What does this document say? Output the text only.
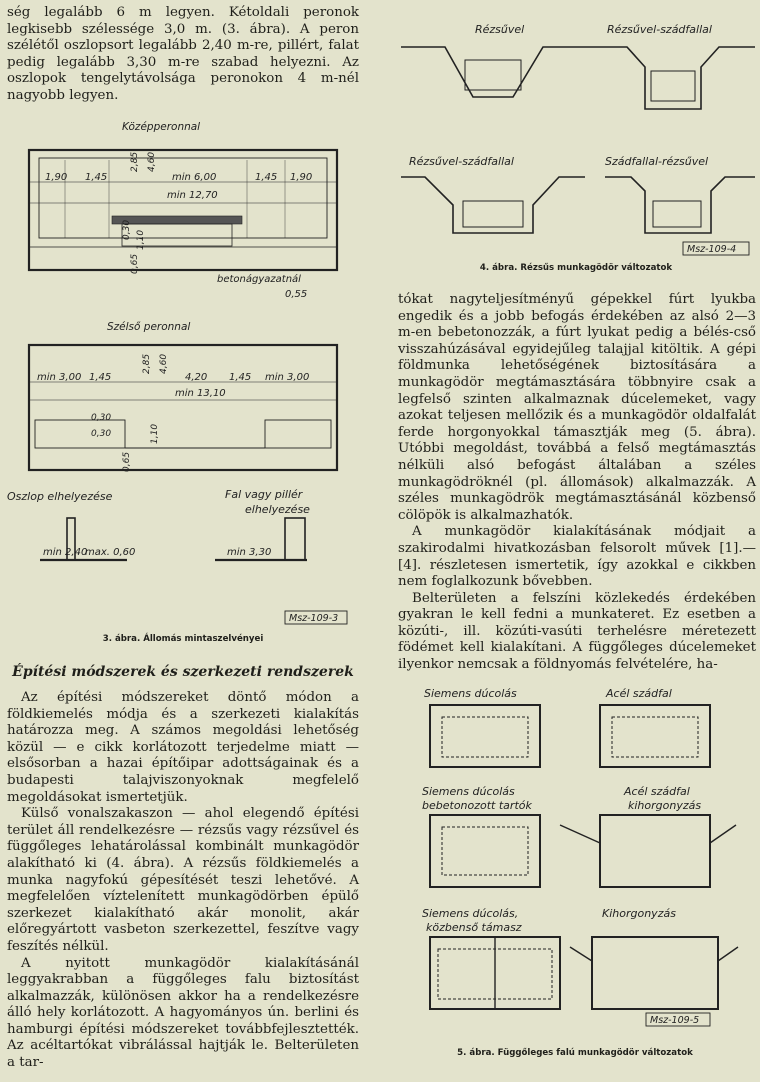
ség legalább 6 m legyen. Kétoldali peronok legkisebb szélessége 3,0 m. (3. ábra). A peron szélétől oszlopsort legalább 2,40 m-re, pillért, falat pedig legalább 3,30 m-re szabad helyezni. Az oszlopok tengelytávolsága peronokon 4 m-nél nagyobb legyen.

Középperonnal
1,90 1,45
2,85 4,60
min 6,00	1,45 1,90
min 12,70
0,30 1,10
0,65
betonágyazatnál
0,55
Szélső peronnal
min 3,00 1,45
2,85 4,60
4,20 1,45 min 3,00
min 13,10
0,30
0,30	1,10
0,65
Oszlop elhelyezése	Fal vagy pillér
elhelyezése
min 2,40
max. 0,60	min 3,30
Msz-109-3
3. ábra. Állomás mintaszelvényei

Építési módszerek és szerkezeti rendszerek

Az építési módszereket döntő módon a földkiemelés módja és a szerkezeti kialakítás határozza meg. A számos megoldási lehetőség közül — e cikk korlátozott terjedelme miatt — elsősorban a hazai építőipar adottságainak és a budapesti talajviszonyoknak megfelelő megoldásokat ismertetjük.

Külső vonalszakaszon — ahol elegendő építési terület áll rendelkezésre — rézsűs vagy rézsűvel és függőleges lehatárolással kombinált munkagödör alakítható ki (4. ábra). A rézsűs földkiemelés a munka nagyfokú gépesítését teszi lehetővé. A megfelelően víztelenített munkagödörben épülő szerkezet kialakítható akár monolit, akár előregyártott vasbeton szerkezettel, feszítve vagy feszítés nélkül.

A nyitott munkagödör kialakításánál leggyakrabban a függőleges falu biztosítást alkalmazzák, különösen akkor ha a rendelkezésre álló hely korlátozott. A hagyományos ún. berlini és hamburgi építési módszereket továbbfejlesztették. Az acéltartókat vibrálással hajtják le. Belterületen a tar-

Rézsűvel	Rézsűvel-szádfallal
Rézsűvel-szádfallal	Szádfallal-rézsűvel
Msz-109-4
4. ábra. Rézsűs munkagödör változatok

tókat nagyteljesítményű gépekkel fúrt lyukba engedik és a jobb befogás érdekében az alsó 2—3 m-en bebetonozzák, a fúrt lyukat pedig a bélés-cső visszahúzásával egyidejűleg talajjal kitöltik. A gépi földmunka lehetőségének biztosítására a munkagödör megtámasztására többnyire csak a legfelső szinten alkalmaznak dúcelemeket, vagy azokat teljesen mellőzik és a munkagödör oldalfalát ferde horgonyokkal támasztják meg (5. ábra). Utóbbi megoldást, továbbá a felső megtámasztás nélküli alsó befogást általában a széles munkagödröknél (pl. állomások) alkalmazzák. A széles munkagödrök megtámasztásánál közbenső cölöpök is alkalmazhatók.

A munkagödör kialakításának módjait a szakirodalmi hivatkozásban felsorolt művek [1].—[4]. részletesen ismertetik, így azokkal e cikkben nem foglalkozunk bővebben.

Belterületen a felszíni közlekedés érdekében gyakran le kell fedni a munkateret. Ez esetben a közúti-, ill. közúti-vasúti terhelésre méretezett födémet kell kialakítani. A függőleges dúcelemeket ilyenkor nemcsak a földnyomás felvételére, ha-

Siemens dúcolás	Acél szádfal
Siemens dúcolás
bebetonozott tartók
Acél szádfal
kihorgonyzás
Siemens dúcolás,
közbenső támasz
Kihorgonyzás
Msz-109-5
5. ábra. Függőleges falú munkagödör változatok
